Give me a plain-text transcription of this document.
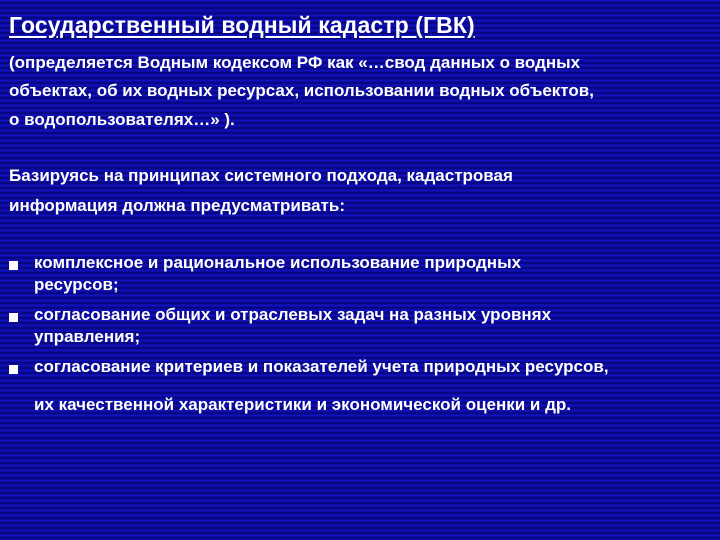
Государственный водный кадастр (ГВК)
(определяется Водным кодексом РФ как «…свод данных о водных
объектах, об их водных ресурсах, использовании водных объектов,
о водопользователях…» ).
Базируясь на принципах системного подхода, кадастровая
информация должна предусматривать:
комплексное и рациональное использование природных
ресурсов;
согласование общих и отраслевых задач на разных уровнях
управления;
согласование критериев и показателей учета природных ресурсов,
их качественной характеристики и экономической оценки и др.
